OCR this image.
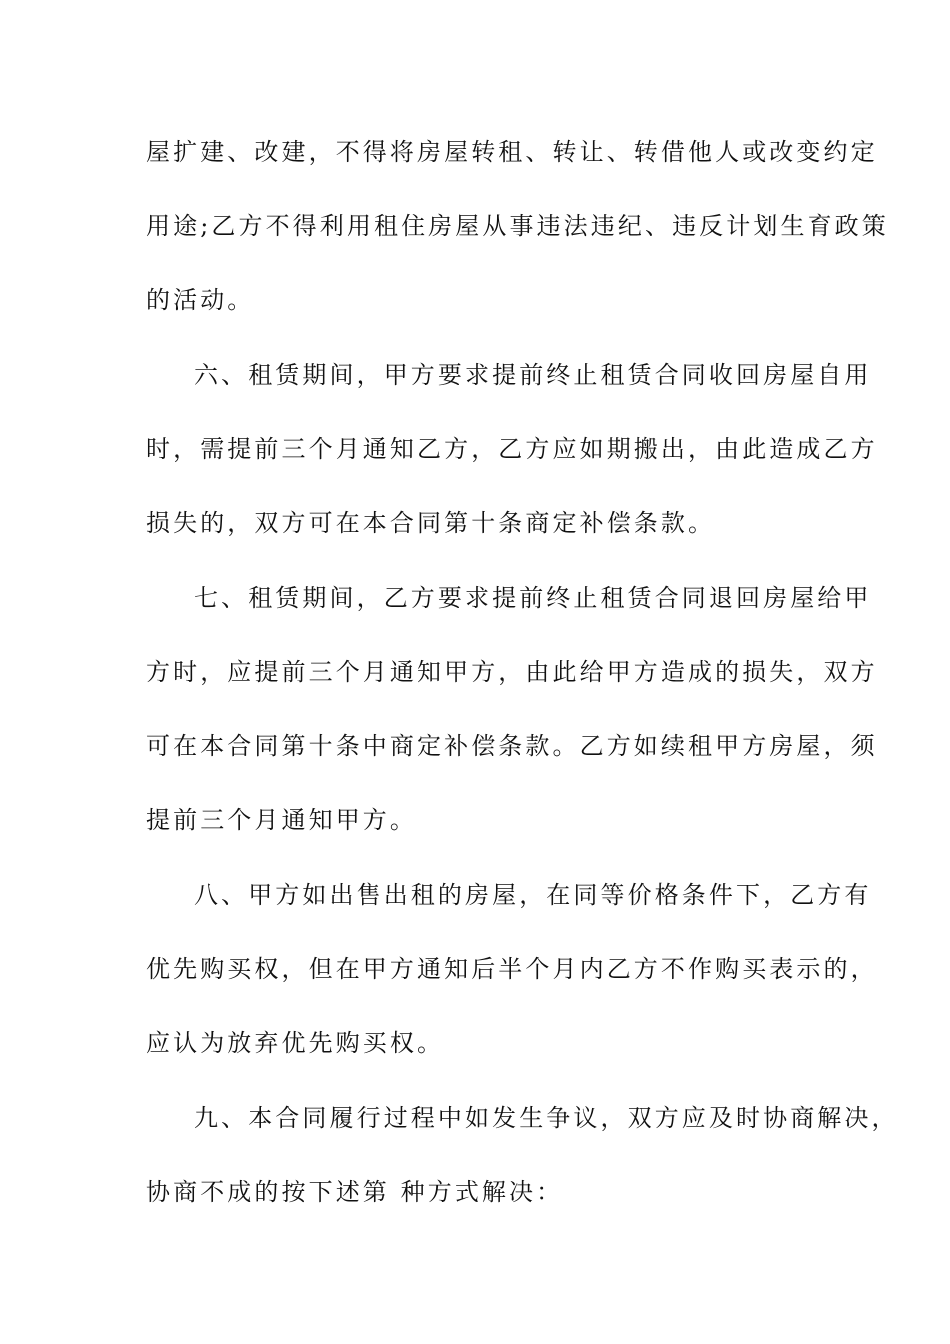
屋扩建、改建，不得将房屋转租、转让、转借他人或改变约定
用途;乙方不得利用租住房屋从事违法违纪、违反计划生育政策
的活动。
六、租赁期间，甲方要求提前终止租赁合同收回房屋自用
时，需提前三个月通知乙方，乙方应如期搬出，由此造成乙方
损失的，双方可在本合同第十条商定补偿条款。
七、租赁期间，乙方要求提前终止租赁合同退回房屋给甲
方时，应提前三个月通知甲方，由此给甲方造成的损失，双方
可在本合同第十条中商定补偿条款。乙方如续租甲方房屋，须
提前三个月通知甲方。
八、甲方如出售出租的房屋，在同等价格条件下，乙方有
优先购买权，但在甲方通知后半个月内乙方不作购买表示的，
应认为放弃优先购买权。
九、本合同履行过程中如发生争议，双方应及时协商解决，
协商不成的按下述第 种方式解决：
